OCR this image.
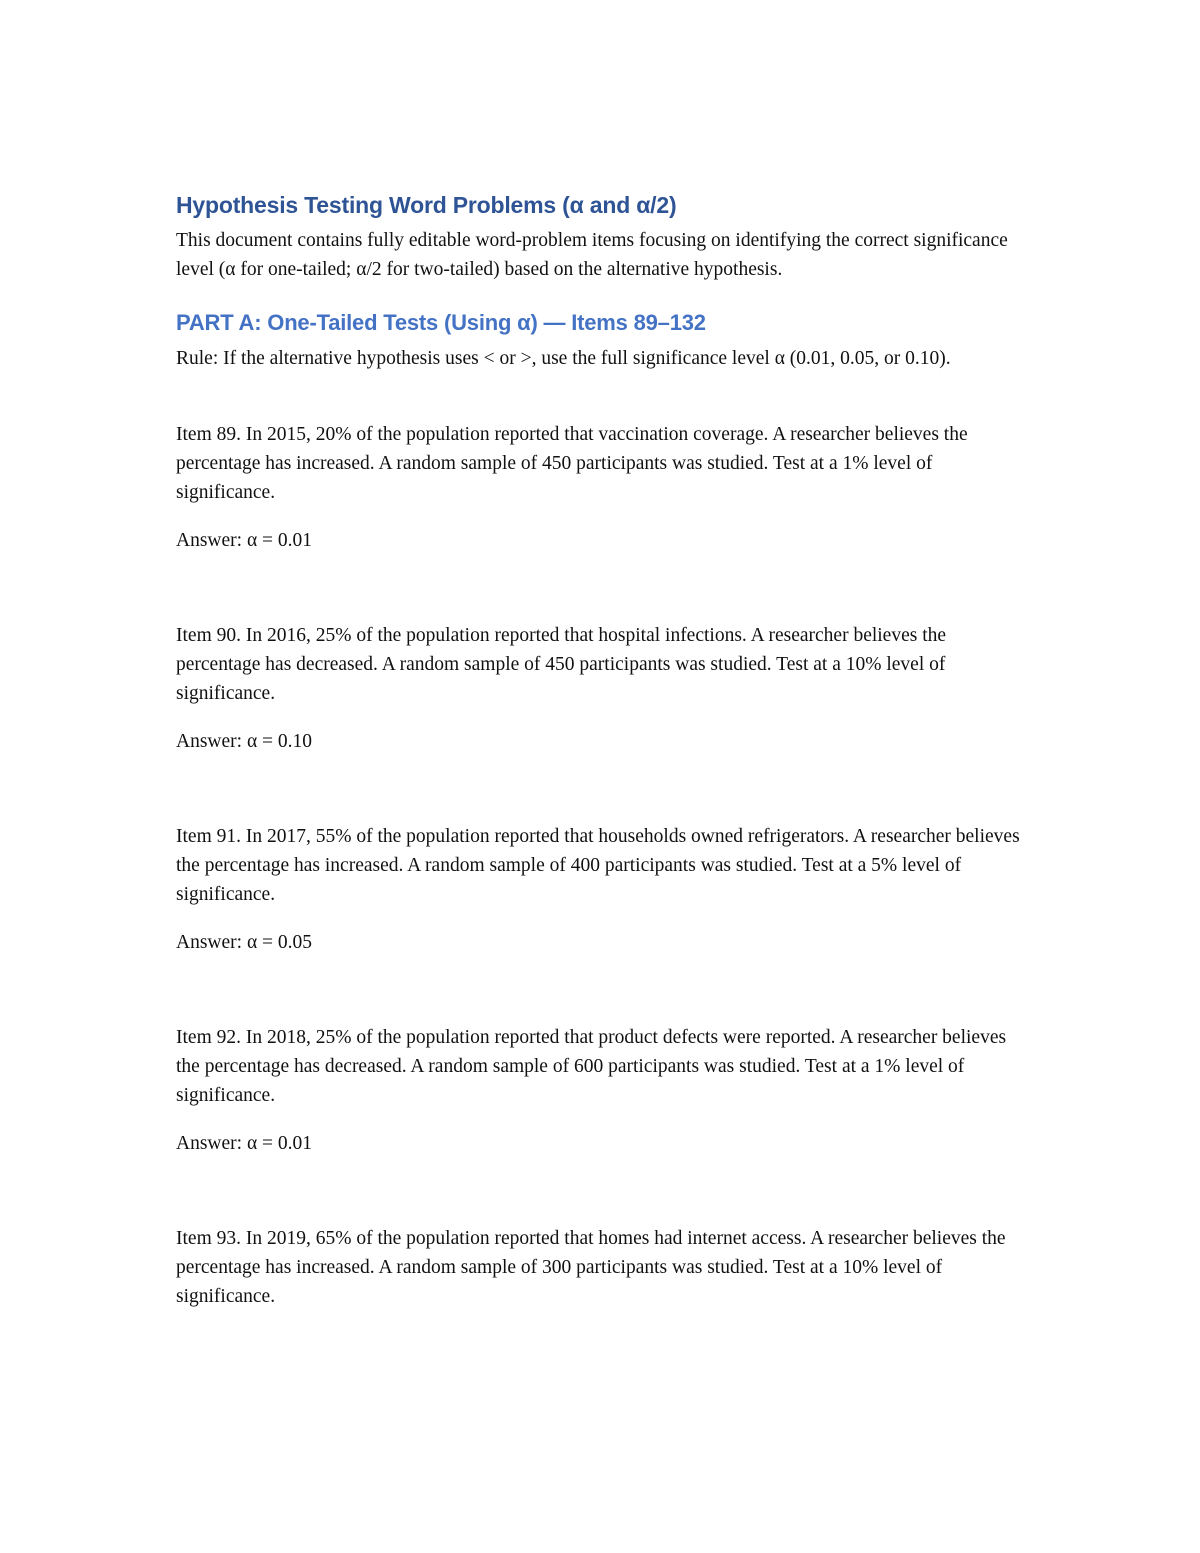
Hypothesis Testing Word Problems (α and α/2)

This document contains fully editable word-problem items focusing on identifying the correct significance level (α for one-tailed; α/2 for two-tailed) based on the alternative hypothesis.

PART A: One-Tailed Tests (Using α) — Items 89–132

Rule: If the alternative hypothesis uses < or >, use the full significance level α (0.01, 0.05, or 0.10).

Item 89. In 2015, 20% of the population reported that vaccination coverage. A researcher believes the percentage has increased. A random sample of 450 participants was studied. Test at a 1% level of significance.

Answer: α = 0.01

Item 90. In 2016, 25% of the population reported that hospital infections. A researcher believes the percentage has decreased. A random sample of 450 participants was studied. Test at a 10% level of significance.

Answer: α = 0.10

Item 91. In 2017, 55% of the population reported that households owned refrigerators. A researcher believes the percentage has increased. A random sample of 400 participants was studied. Test at a 5% level of significance.

Answer: α = 0.05

Item 92. In 2018, 25% of the population reported that product defects were reported. A researcher believes the percentage has decreased. A random sample of 600 participants was studied. Test at a 1% level of significance.

Answer: α = 0.01

Item 93. In 2019, 65% of the population reported that homes had internet access. A researcher believes the percentage has increased. A random sample of 300 participants was studied. Test at a 10% level of significance.
